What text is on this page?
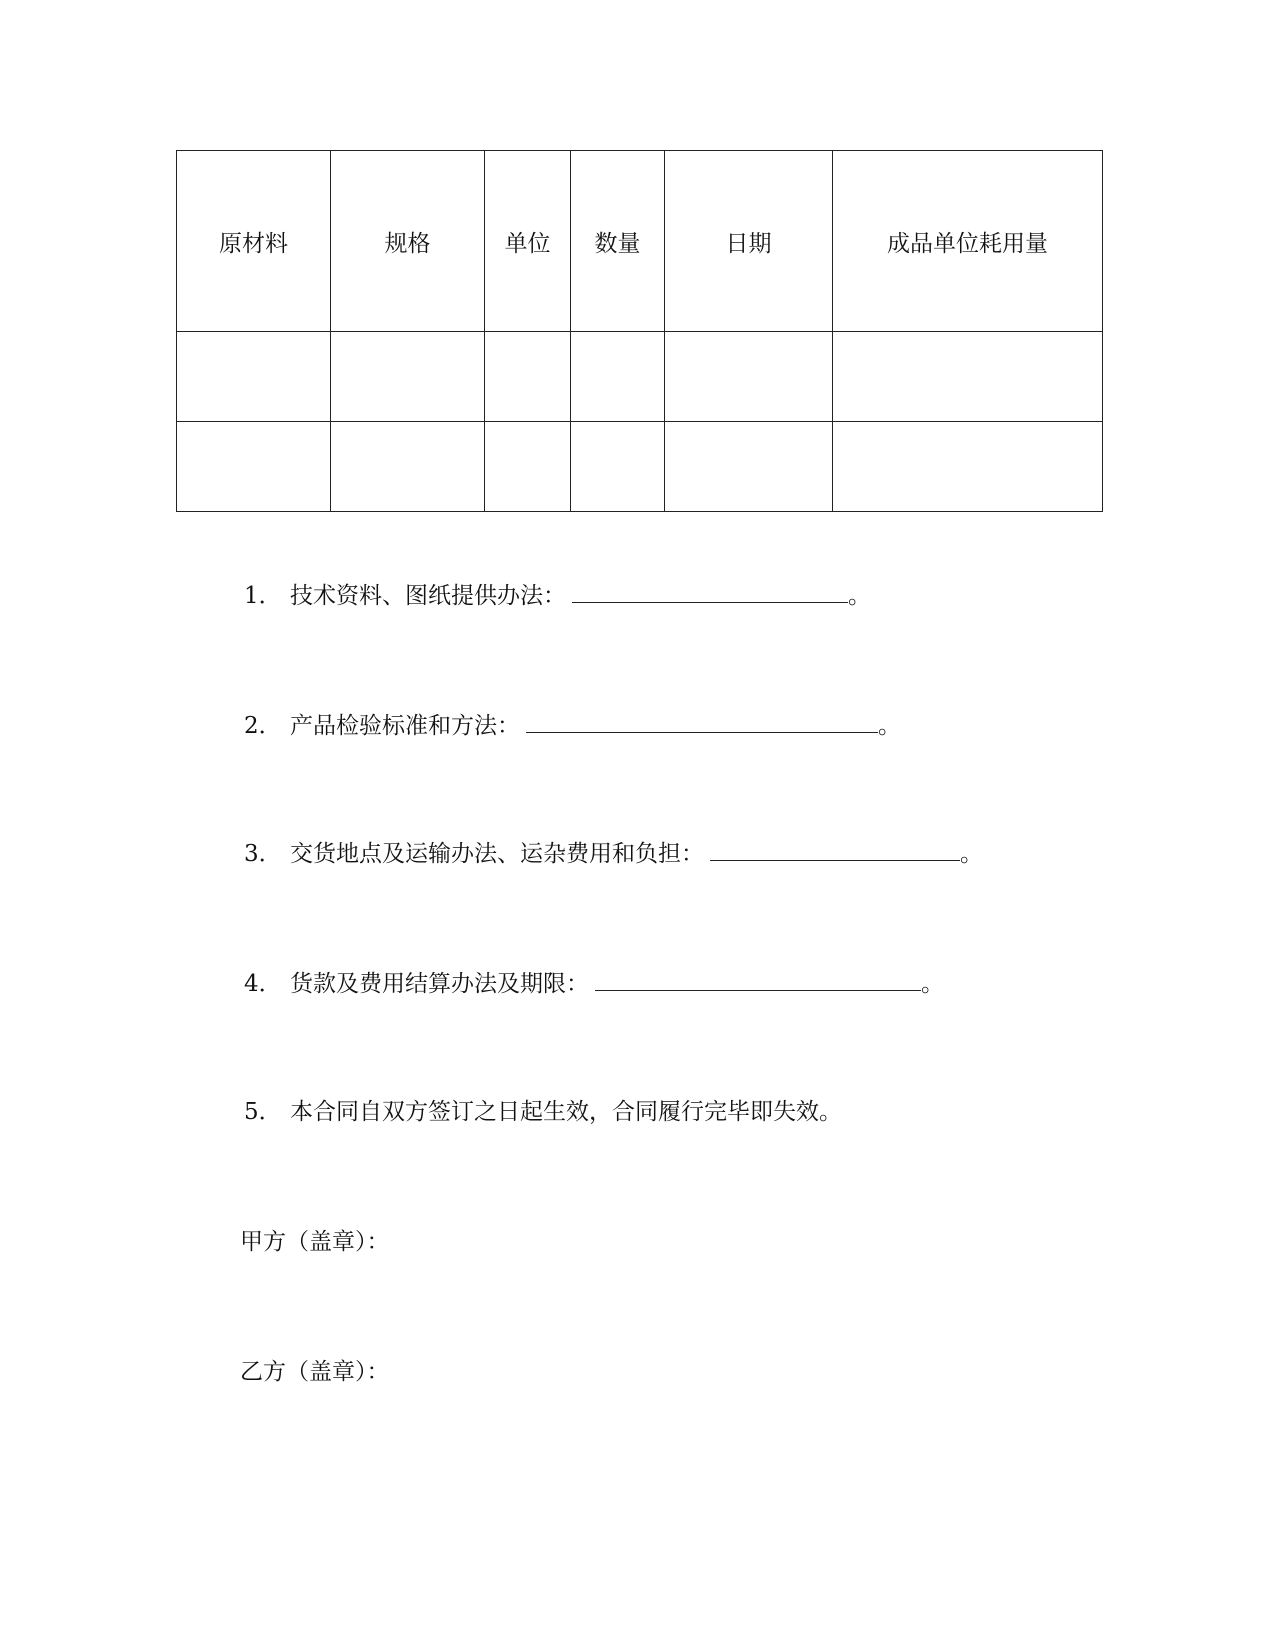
原材料	规格	单位	数量	日期	成品单位耗用量

1． 技术资料、图纸提供办法：	。

2． 产品检验标准和方法：	。

3． 交货地点及运输办法、运杂费用和负担：	。

4． 货款及费用结算办法及期限：	。

5． 本合同自双方签订之日起生效，合同履行完毕即失效。

甲方（盖章）：

乙方（盖章）：
